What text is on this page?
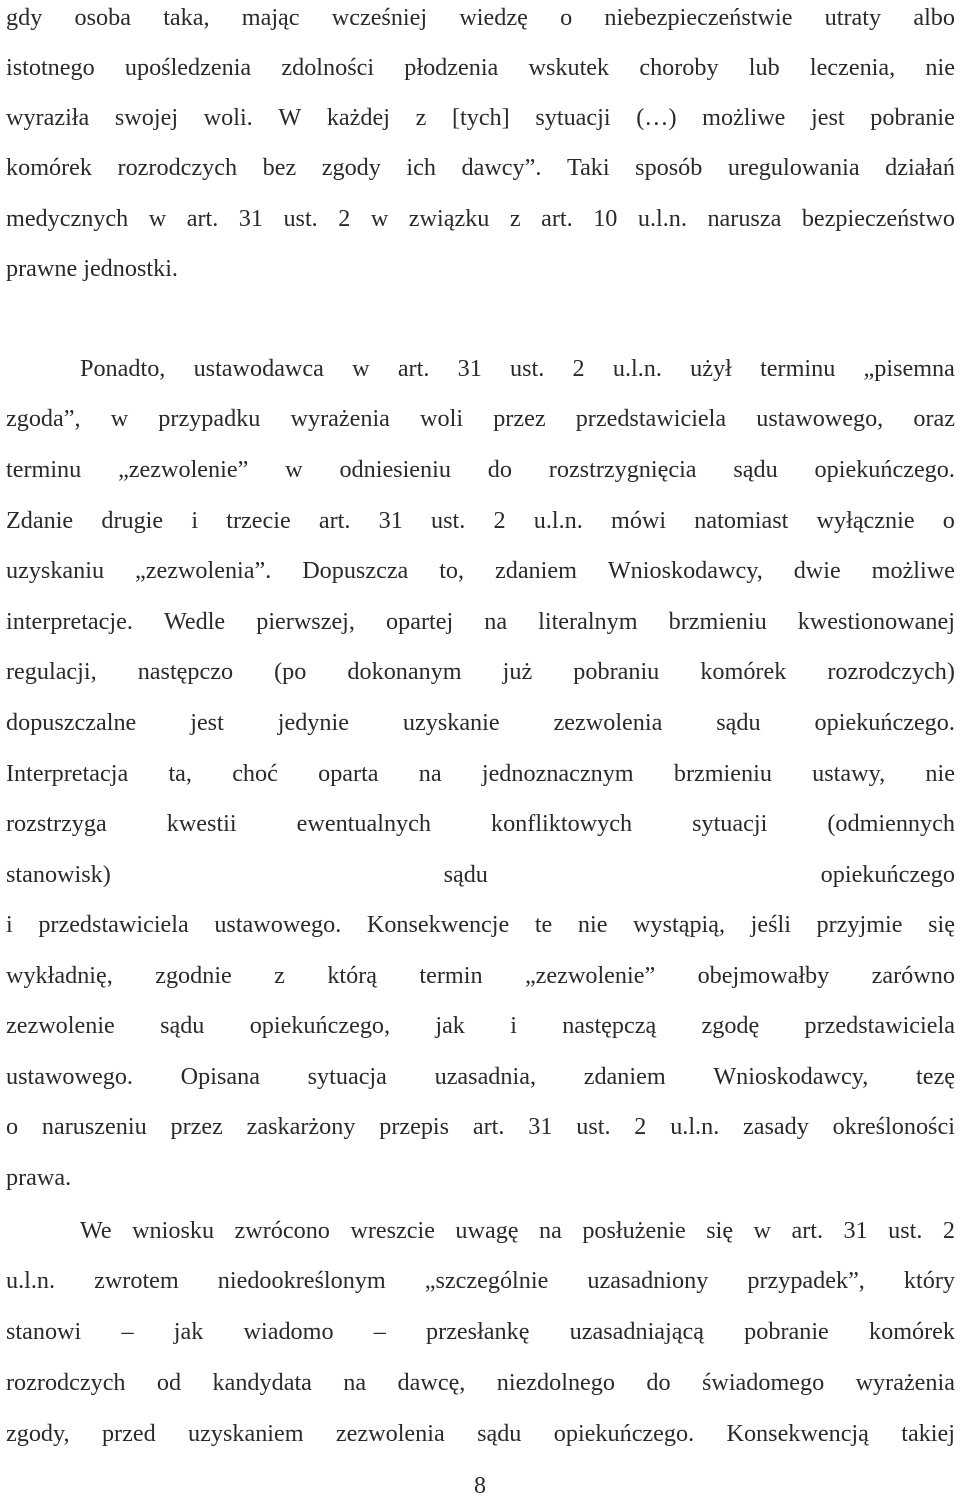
gdy osoba taka, mając wcześniej wiedzę o niebezpieczeństwie utraty albo
istotnego upośledzenia zdolności płodzenia wskutek choroby lub leczenia, nie
wyraziła swojej woli. W każdej z [tych] sytuacji (…) możliwe jest pobranie
komórek rozrodczych bez zgody ich dawcy”. Taki sposób uregulowania działań
medycznych w art. 31 ust. 2 w związku z art. 10 u.l.n. narusza bezpieczeństwo
prawne jednostki.
Ponadto, ustawodawca w art. 31 ust. 2 u.l.n. użył terminu „pisemna
zgoda”, w przypadku wyrażenia woli przez przedstawiciela ustawowego, oraz
terminu „zezwolenie” w odniesieniu do rozstrzygnięcia sądu opiekuńczego.
Zdanie drugie i trzecie art. 31 ust. 2 u.l.n. mówi natomiast wyłącznie o
uzyskaniu „zezwolenia”. Dopuszcza to, zdaniem Wnioskodawcy, dwie możliwe
interpretacje. Wedle pierwszej, opartej na literalnym brzmieniu kwestionowanej
regulacji, następczo (po dokonanym już pobraniu komórek rozrodczych)
dopuszczalne jest jedynie uzyskanie zezwolenia sądu opiekuńczego.
Interpretacja ta, choć oparta na jednoznacznym brzmieniu ustawy, nie
rozstrzyga kwestii ewentualnych konfliktowych sytuacji (odmiennych
stanowisk)	sądu	opiekuńczego
i przedstawiciela ustawowego. Konsekwencje te nie wystąpią, jeśli przyjmie się
wykładnię, zgodnie z którą termin „zezwolenie” obejmowałby zarówno
zezwolenie sądu opiekuńczego, jak i następczą zgodę przedstawiciela
ustawowego. Opisana sytuacja uzasadnia, zdaniem Wnioskodawcy, tezę
o naruszeniu przez zaskarżony przepis art. 31 ust. 2 u.l.n. zasady określoności
prawa.
We wniosku zwrócono wreszcie uwagę na posłużenie się w art. 31 ust. 2
u.l.n. zwrotem niedookreślonym „szczególnie uzasadniony przypadek”, który
stanowi – jak wiadomo – przesłankę uzasadniającą pobranie komórek
rozrodczych od kandydata na dawcę, niezdolnego do świadomego wyrażenia
zgody, przed uzyskaniem zezwolenia sądu opiekuńczego. Konsekwencją takiej
8
